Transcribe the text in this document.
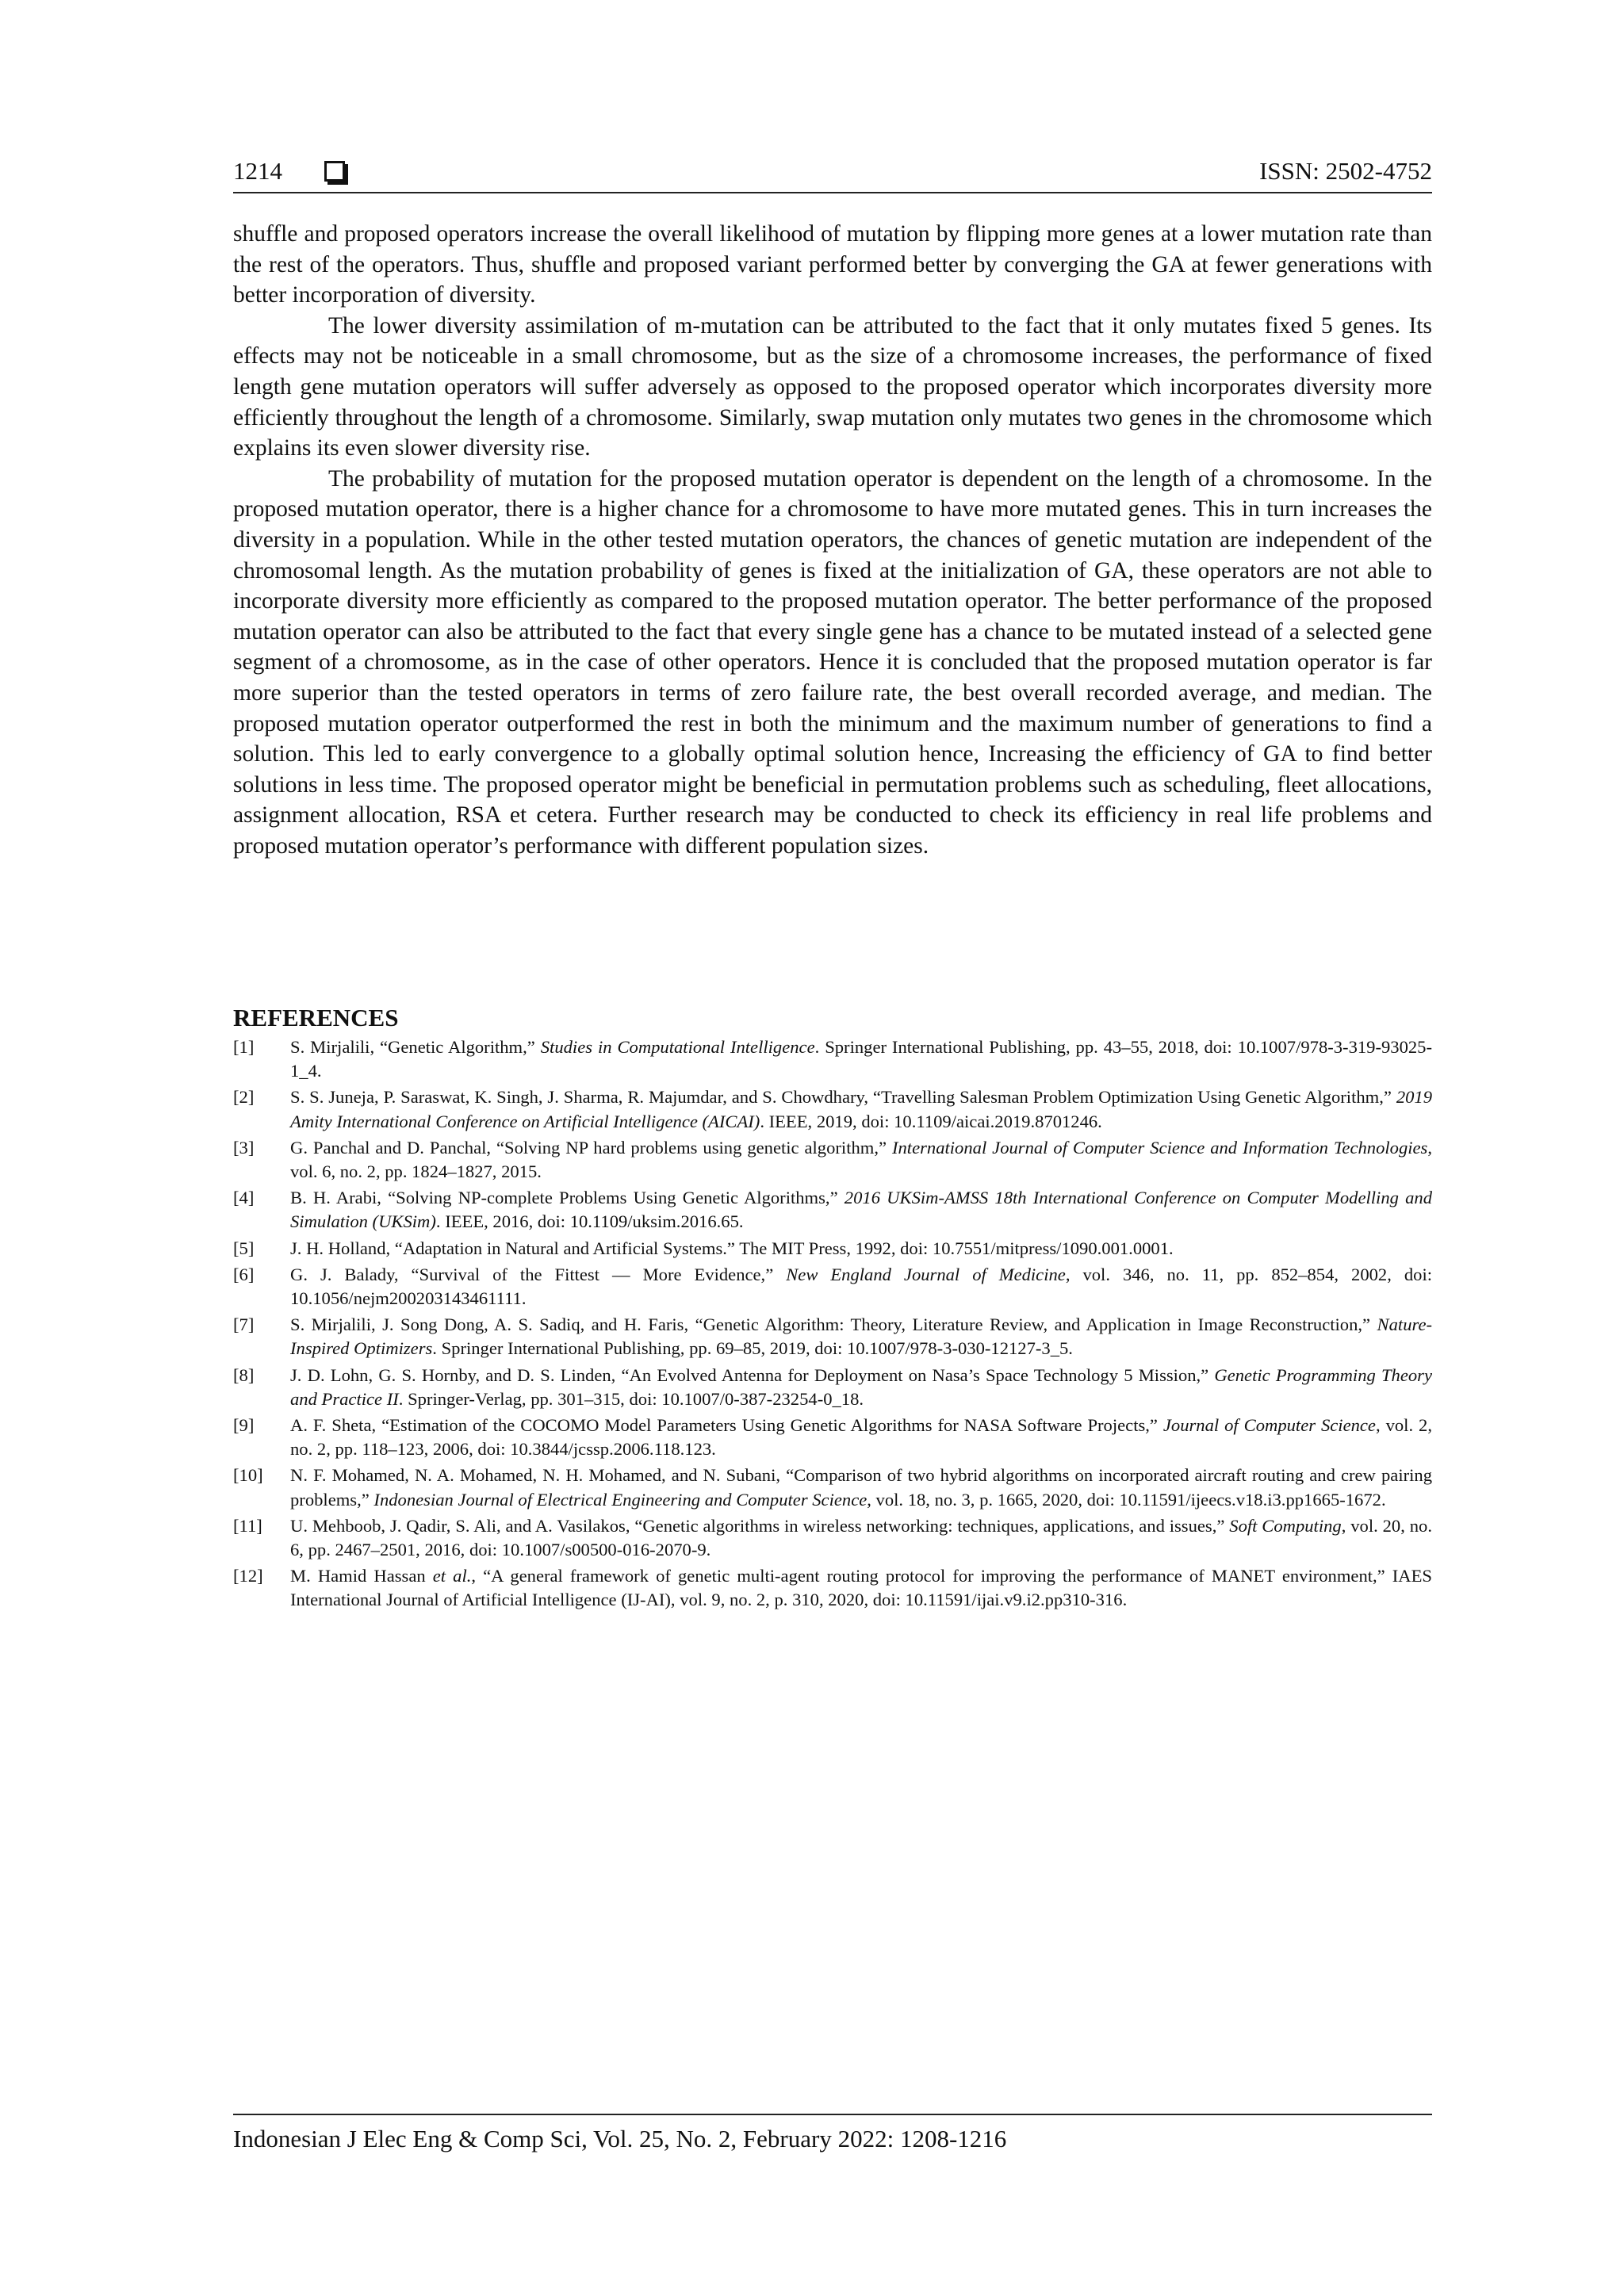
1214	ISSN: 2502-4752

shuffle and proposed operators increase the overall likelihood of mutation by flipping more genes at a lower mutation rate than the rest of the operators. Thus, shuffle and proposed variant performed better by converging the GA at fewer generations with better incorporation of diversity.

The lower diversity assimilation of m-mutation can be attributed to the fact that it only mutates fixed 5 genes. Its effects may not be noticeable in a small chromosome, but as the size of a chromosome increases, the performance of fixed length gene mutation operators will suffer adversely as opposed to the proposed operator which incorporates diversity more efficiently throughout the length of a chromosome. Similarly, swap mutation only mutates two genes in the chromosome which explains its even slower diversity rise.

The probability of mutation for the proposed mutation operator is dependent on the length of a chromosome. In the proposed mutation operator, there is a higher chance for a chromosome to have more mutated genes. This in turn increases the diversity in a population. While in the other tested mutation operators, the chances of genetic mutation are independent of the chromosomal length. As the mutation probability of genes is fixed at the initialization of GA, these operators are not able to incorporate diversity more efficiently as compared to the proposed mutation operator. The better performance of the proposed mutation operator can also be attributed to the fact that every single gene has a chance to be mutated instead of a selected gene segment of a chromosome, as in the case of other operators. Hence it is concluded that the proposed mutation operator is far more superior than the tested operators in terms of zero failure rate, the best overall recorded average, and median. The proposed mutation operator outperformed the rest in both the minimum and the maximum number of generations to find a solution. This led to early convergence to a globally optimal solution hence, Increasing the efficiency of GA to find better solutions in less time. The proposed operator might be beneficial in permutation problems such as scheduling, fleet allocations, assignment allocation, RSA et cetera. Further research may be conducted to check its efficiency in real life problems and proposed mutation operator’s performance with different population sizes.

REFERENCES
[1]	S. Mirjalili, “Genetic Algorithm,” Studies in Computational Intelligence. Springer International Publishing, pp. 43–55, 2018, doi: 10.1007/978-3-319-93025-1_4.
[2]	S. S. Juneja, P. Saraswat, K. Singh, J. Sharma, R. Majumdar, and S. Chowdhary, “Travelling Salesman Problem Optimization Using Genetic Algorithm,” 2019 Amity International Conference on Artificial Intelligence (AICAI). IEEE, 2019, doi: 10.1109/aicai.2019.8701246.
[3]	G. Panchal and D. Panchal, “Solving NP hard problems using genetic algorithm,” International Journal of Computer Science and Information Technologies, vol. 6, no. 2, pp. 1824–1827, 2015.
[4]	B. H. Arabi, “Solving NP-complete Problems Using Genetic Algorithms,” 2016 UKSim-AMSS 18th International Conference on Computer Modelling and Simulation (UKSim). IEEE, 2016, doi: 10.1109/uksim.2016.65.
[5]	J. H. Holland, “Adaptation in Natural and Artificial Systems.” The MIT Press, 1992, doi: 10.7551/mitpress/1090.001.0001.
[6]	G. J. Balady, “Survival of the Fittest — More Evidence,” New England Journal of Medicine, vol. 346, no. 11, pp. 852–854, 2002, doi: 10.1056/nejm200203143461111.
[7]	S. Mirjalili, J. Song Dong, A. S. Sadiq, and H. Faris, “Genetic Algorithm: Theory, Literature Review, and Application in Image Reconstruction,” Nature-Inspired Optimizers. Springer International Publishing, pp. 69–85, 2019, doi: 10.1007/978-3-030-12127-3_5.
[8]	J. D. Lohn, G. S. Hornby, and D. S. Linden, “An Evolved Antenna for Deployment on Nasa’s Space Technology 5 Mission,” Genetic Programming Theory and Practice II. Springer-Verlag, pp. 301–315, doi: 10.1007/0-387-23254-0_18.
[9]	A. F. Sheta, “Estimation of the COCOMO Model Parameters Using Genetic Algorithms for NASA Software Projects,” Journal of Computer Science, vol. 2, no. 2, pp. 118–123, 2006, doi: 10.3844/jcssp.2006.118.123.
[10]	N. F. Mohamed, N. A. Mohamed, N. H. Mohamed, and N. Subani, “Comparison of two hybrid algorithms on incorporated aircraft routing and crew pairing problems,” Indonesian Journal of Electrical Engineering and Computer Science, vol. 18, no. 3, p. 1665, 2020, doi: 10.11591/ijeecs.v18.i3.pp1665-1672.
[11]	U. Mehboob, J. Qadir, S. Ali, and A. Vasilakos, “Genetic algorithms in wireless networking: techniques, applications, and issues,” Soft Computing, vol. 20, no. 6, pp. 2467–2501, 2016, doi: 10.1007/s00500-016-2070-9.
[12]	M. Hamid Hassan et al., “A general framework of genetic multi-agent routing protocol for improving the performance of MANET environment,” IAES International Journal of Artificial Intelligence (IJ-AI), vol. 9, no. 2, p. 310, 2020, doi: 10.11591/ijai.v9.i2.pp310-316.
Indonesian J Elec Eng & Comp Sci, Vol. 25, No. 2, February 2022: 1208-1216
